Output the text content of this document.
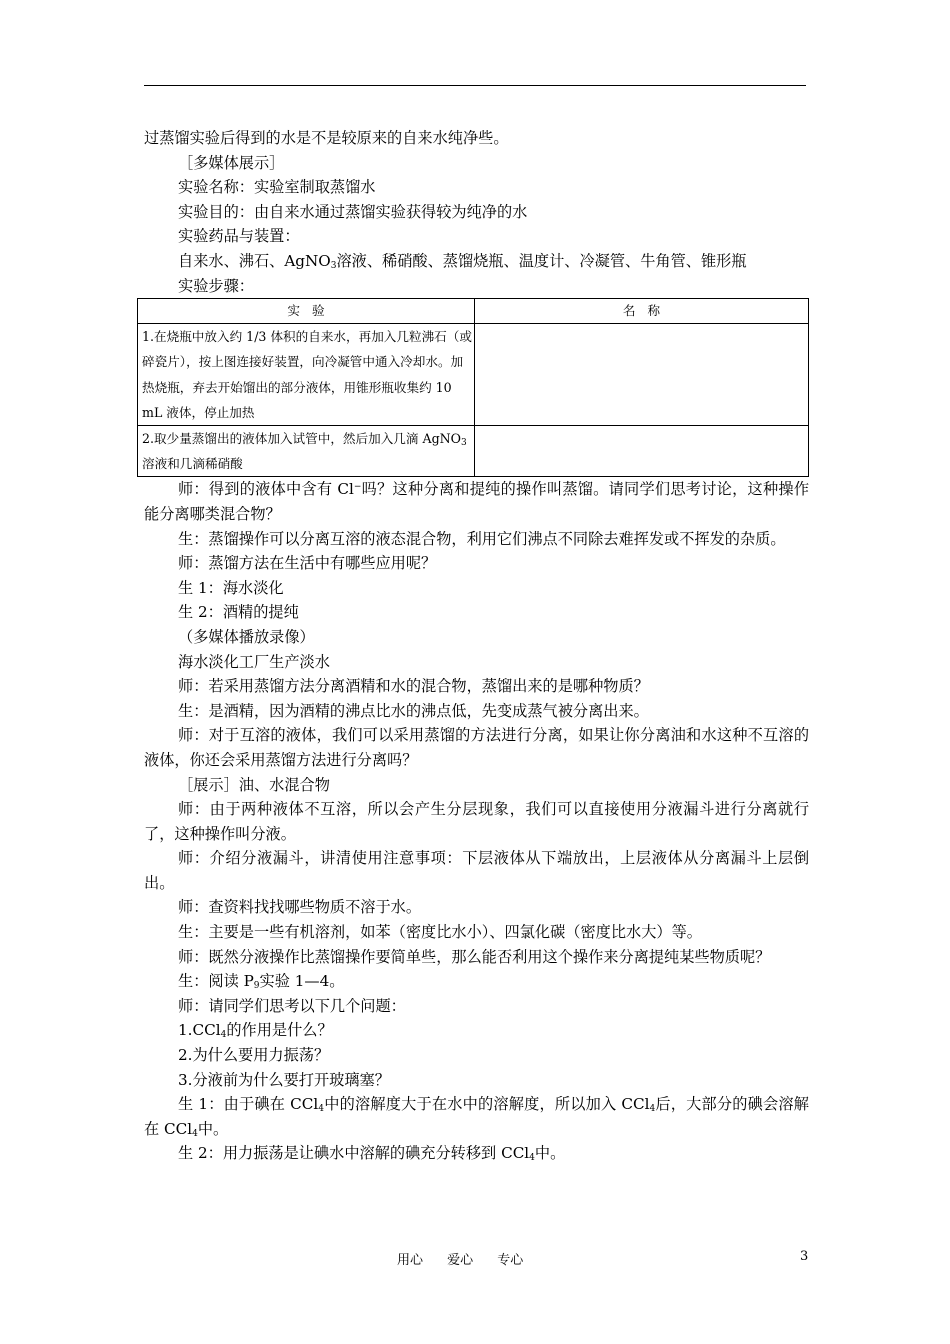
过蒸馏实验后得到的水是不是较原来的自来水纯净些。

［多媒体展示］

实验名称：实验室制取蒸馏水

实验目的：由自来水通过蒸馏实验获得较为纯净的水

实验药品与装置：

自来水、沸石、AgNO$_3$溶液、稀硝酸、蒸馏烧瓶、温度计、冷凝管、牛角管、锥形瓶

实验步骤：

实 验	名 称
1.在烧瓶中放入约 1/3 体积的自来水，再加入几粒沸石（或碎瓷片），按上图连接好装置，向冷凝管中通入冷却水。加热烧瓶，弃去开始馏出的部分液体，用锥形瓶收集约 10 mL 液体，停止加热	
2.取少量蒸馏出的液体加入试管中，然后加入几滴 AgNO$_3$溶液和几滴稀硝酸	

师：得到的液体中含有 Cl−吗？这种分离和提纯的操作叫蒸馏。请同学们思考讨论，这种操作能分离哪类混合物？

生：蒸馏操作可以分离互溶的液态混合物，利用它们沸点不同除去难挥发或不挥发的杂质。

师：蒸馏方法在生活中有哪些应用呢？

生 1：海水淡化

生 2：酒精的提纯

（多媒体播放录像）

海水淡化工厂生产淡水

师：若采用蒸馏方法分离酒精和水的混合物，蒸馏出来的是哪种物质？

生：是酒精，因为酒精的沸点比水的沸点低，先变成蒸气被分离出来。

师：对于互溶的液体，我们可以采用蒸馏的方法进行分离，如果让你分离油和水这种不互溶的液体，你还会采用蒸馏方法进行分离吗？

［展示］油、水混合物

师：由于两种液体不互溶，所以会产生分层现象，我们可以直接使用分液漏斗进行分离就行了，这种操作叫分液。

师：介绍分液漏斗，讲清使用注意事项：下层液体从下端放出，上层液体从分离漏斗上层倒出。

师：查资料找找哪些物质不溶于水。

生：主要是一些有机溶剂，如苯（密度比水小）、四氯化碳（密度比水大）等。

师：既然分液操作比蒸馏操作要简单些，那么能否利用这个操作来分离提纯某些物质呢？

生：阅读 $P_9$实验 1—4。

师：请同学们思考以下几个问题：

1.CCl$_4$的作用是什么？

2.为什么要用力振荡？

3.分液前为什么要打开玻璃塞？

生 1：由于碘在 CCl$_4$中的溶解度大于在水中的溶解度，所以加入 CCl$_4$后，大部分的碘会溶解在 CCl$_4$中。

生 2：用力振荡是让碘水中溶解的碘充分转移到 CCl$_4$中。

用心 爱心 专心	3
